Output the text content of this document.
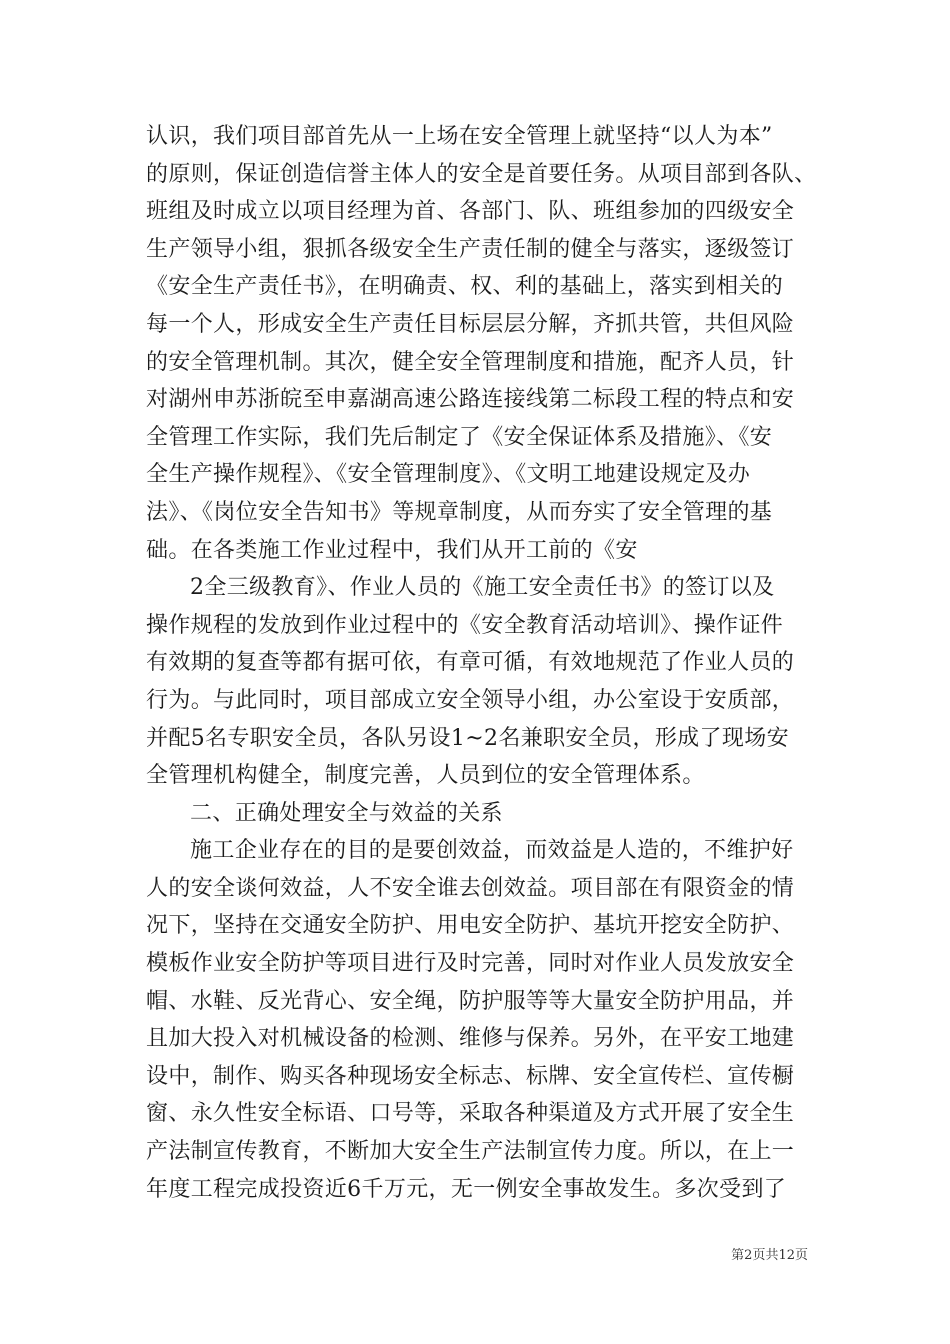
认识，我们项目部首先从一上场在安全管理上就坚持“以人为本”
的原则，保证创造信誉主体人的安全是首要任务。从项目部到各队、
班组及时成立以项目经理为首、各部门、队、班组参加的四级安全
生产领导小组，狠抓各级安全生产责任制的健全与落实，逐级签订
《安全生产责任书》，在明确责、权、利的基础上，落实到相关的
每一个人，形成安全生产责任目标层层分解，齐抓共管，共但风险
的安全管理机制。其次，健全安全管理制度和措施，配齐人员，针
对湖州申苏浙皖至申嘉湖高速公路连接线第二标段工程的特点和安
全管理工作实际，我们先后制定了《安全保证体系及措施》、《安
全生产操作规程》、《安全管理制度》、《文明工地建设规定及办
法》、《岗位安全告知书》等规章制度，从而夯实了安全管理的基
础。在各类施工作业过程中，我们从开工前的《安
2全三级教育》、作业人员的《施工安全责任书》的签订以及
操作规程的发放到作业过程中的《安全教育活动培训》、操作证件
有效期的复查等都有据可依，有章可循，有效地规范了作业人员的
行为。与此同时，项目部成立安全领导小组，办公室设于安质部，
并配5名专职安全员，各队另设1~2名兼职安全员，形成了现场安
全管理机构健全，制度完善，人员到位的安全管理体系。
二、正确处理安全与效益的关系
施工企业存在的目的是要创效益，而效益是人造的，不维护好
人的安全谈何效益，人不安全谁去创效益。项目部在有限资金的情
况下，坚持在交通安全防护、用电安全防护、基坑开挖安全防护、
模板作业安全防护等项目进行及时完善，同时对作业人员发放安全
帽、水鞋、反光背心、安全绳，防护服等等大量安全防护用品，并
且加大投入对机械设备的检测、维修与保养。另外，在平安工地建
设中，制作、购买各种现场安全标志、标牌、安全宣传栏、宣传橱
窗、永久性安全标语、口号等，采取各种渠道及方式开展了安全生
产法制宣传教育，不断加大安全生产法制宣传力度。所以，在上一
年度工程完成投资近6千万元，无一例安全事故发生。多次受到了
第2页共12页
